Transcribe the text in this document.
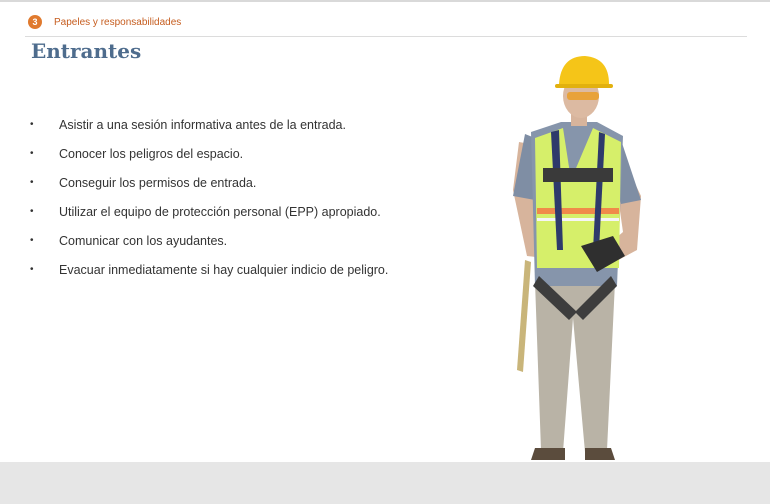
3	Papeles y responsabilidades
Entrantes
•	Asistir a una sesión informativa antes de la entrada.
•	Conocer los peligros del espacio.
•	Conseguir los permisos de entrada.
•	Utilizar el equipo de protección personal (EPP) apropiado.
•	Comunicar con los ayudantes.
•	Evacuar inmediatamente si hay cualquier indicio de peligro.
